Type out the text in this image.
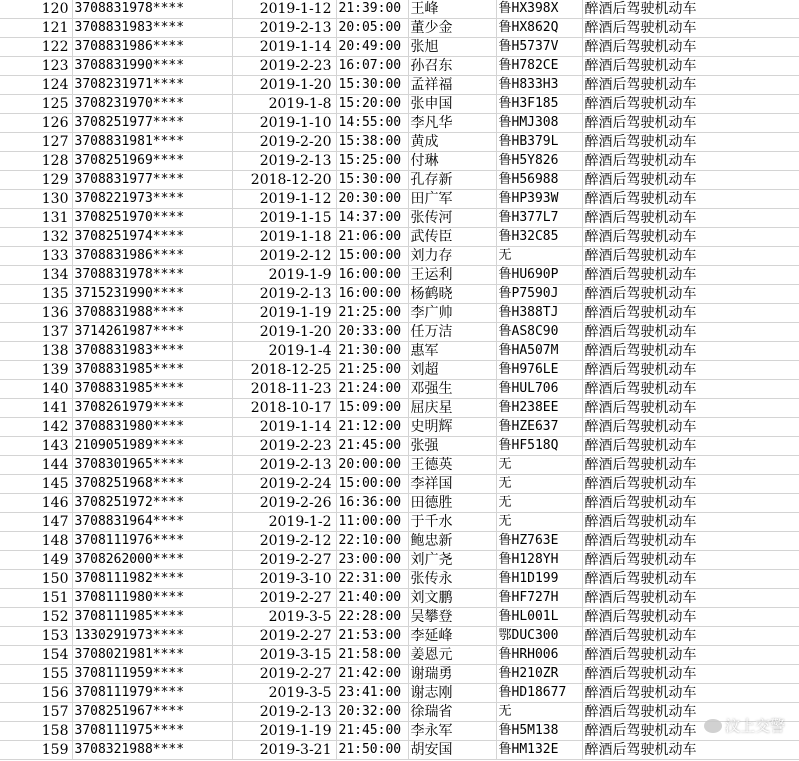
120	3708831978****	2019-1-12	21:39:00	王峰	鲁HX398X	醉酒后驾驶机动车
121	3708831983****	2019-2-13	20:05:00	董少金	鲁HX862Q	醉酒后驾驶机动车
122	3708831986****	2019-1-14	20:49:00	张旭	鲁H5737V	醉酒后驾驶机动车
123	3708831990****	2019-2-23	16:07:00	孙召东	鲁H782CE	醉酒后驾驶机动车
124	3708231971****	2019-1-20	15:30:00	孟祥福	鲁H833H3	醉酒后驾驶机动车
125	3708231970****	2019-1-8	15:20:00	张申国	鲁H3F185	醉酒后驾驶机动车
126	3708251977****	2019-1-10	14:55:00	李凡华	鲁HMJ308	醉酒后驾驶机动车
127	3708831981****	2019-2-20	15:38:00	黄成	鲁HB379L	醉酒后驾驶机动车
128	3708251969****	2019-2-13	15:25:00	付琳	鲁H5Y826	醉酒后驾驶机动车
129	3708831977****	2018-12-20	15:30:00	孔存新	鲁H56988	醉酒后驾驶机动车
130	3708221973****	2019-1-12	20:30:00	田广军	鲁HP393W	醉酒后驾驶机动车
131	3708251970****	2019-1-15	14:37:00	张传河	鲁H377L7	醉酒后驾驶机动车
132	3708251974****	2019-1-18	21:06:00	武传臣	鲁H32C85	醉酒后驾驶机动车
133	3708831986****	2019-2-12	15:00:00	刘力存	无	醉酒后驾驶机动车
134	3708831978****	2019-1-9	16:00:00	王运利	鲁HU690P	醉酒后驾驶机动车
135	3715231990****	2019-2-13	16:00:00	杨鹤晓	鲁P7590J	醉酒后驾驶机动车
136	3708831988****	2019-1-19	21:25:00	李广帅	鲁H388TJ	醉酒后驾驶机动车
137	3714261987****	2019-1-20	20:33:00	任万洁	鲁AS8C90	醉酒后驾驶机动车
138	3708831983****	2019-1-4	21:30:00	惠军	鲁HA507M	醉酒后驾驶机动车
139	3708831985****	2018-12-25	21:25:00	刘超	鲁H976LE	醉酒后驾驶机动车
140	3708831985****	2018-11-23	21:24:00	邓强生	鲁HUL706	醉酒后驾驶机动车
141	3708261979****	2018-10-17	15:09:00	屈庆星	鲁H238EE	醉酒后驾驶机动车
142	3708831980****	2019-1-14	21:12:00	史明辉	鲁HZE637	醉酒后驾驶机动车
143	2109051989****	2019-2-23	21:45:00	张强	鲁HF518Q	醉酒后驾驶机动车
144	3708301965****	2019-2-13	20:00:00	王德英	无	醉酒后驾驶机动车
145	3708251968****	2019-2-24	15:00:00	李祥国	无	醉酒后驾驶机动车
146	3708251972****	2019-2-26	16:36:00	田德胜	无	醉酒后驾驶机动车
147	3708831964****	2019-1-2	11:00:00	于千水	无	醉酒后驾驶机动车
148	3708111976****	2019-2-12	22:10:00	鲍忠新	鲁HZ763E	醉酒后驾驶机动车
149	3708262000****	2019-2-27	23:00:00	刘广尧	鲁H128YH	醉酒后驾驶机动车
150	3708111982****	2019-3-10	22:31:00	张传永	鲁H1D199	醉酒后驾驶机动车
151	3708111980****	2019-2-27	21:40:00	刘文鹏	鲁HF727H	醉酒后驾驶机动车
152	3708111985****	2019-3-5	22:28:00	吴攀登	鲁HL001L	醉酒后驾驶机动车
153	1330291973****	2019-2-27	21:53:00	李延峰	鄂DUC300	醉酒后驾驶机动车
154	3708021981****	2019-3-15	21:58:00	姜恩元	鲁HRH006	醉酒后驾驶机动车
155	3708111959****	2019-2-27	21:42:00	谢瑞勇	鲁H210ZR	醉酒后驾驶机动车
156	3708111979****	2019-3-5	23:41:00	谢志刚	鲁HD18677	醉酒后驾驶机动车
157	3708251967****	2019-2-13	20:32:00	徐瑞省	无	醉酒后驾驶机动车
158	3708111975****	2019-1-19	21:45:00	李永军	鲁H5M138	醉酒后驾驶机动车
159	3708321988****	2019-3-21	21:50:00	胡安国	鲁HM132E	醉酒后驾驶机动车
汶上交警
